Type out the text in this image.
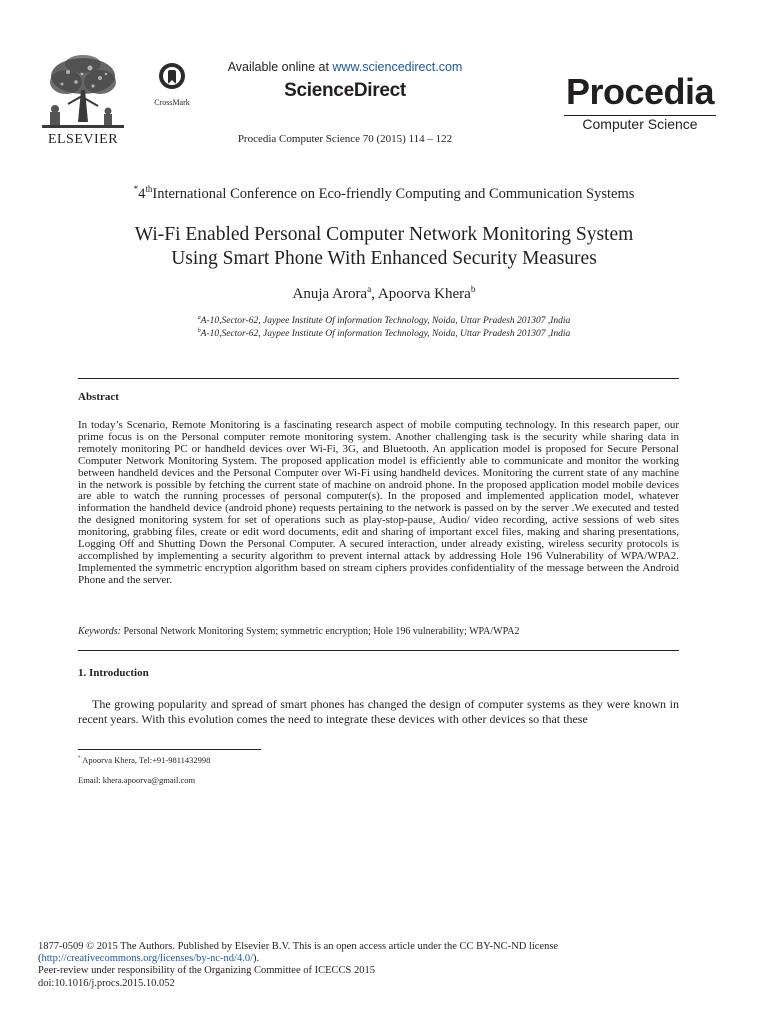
ELSEVIER
CrossMark
Available online at www.sciencedirect.com
ScienceDirect
Procedia Computer Science 70 (2015) 114 – 122
Procedia
Computer Science
*4thInternational Conference on Eco-friendly Computing and Communication Systems
Wi-Fi Enabled Personal Computer Network Monitoring System
Using Smart Phone With Enhanced Security Measures
Anuja Arora$^a$, Apoorva Khera$^b$
$^a$A-10,Sector-62, Jaypee Institute Of information Technology, Noida, Uttar Pradesh 201307 ,India
$^b$A-10,Sector-62, Jaypee Institute Of information Technology, Noida, Uttar Pradesh 201307 ,India
Abstract

In today’s Scenario, Remote Monitoring is a fascinating research aspect of mobile computing technology. In this research paper, our prime focus is on the Personal computer remote monitoring system. Another challenging task is the security while sharing data in remotely monitoring PC or handheld devices over Wi-Fi, 3G, and Bluetooth. An application model is proposed for Secure Personal Computer Network Monitoring System. The proposed application model is efficiently able to communicate and monitor the working between handheld devices and the Personal Computer over Wi-Fi using handheld devices. Monitoring the current state of any machine in the network is possible by fetching the current state of machine on android phone. In the proposed application model mobile devices are able to watch the running processes of personal computer(s). In the proposed and implemented application model, whatever information the handheld device (android phone) requests pertaining to the network is passed on by the server .We executed and tested the designed monitoring system for set of operations such as play-stop-pause, Audio/ video recording, active sessions of web sites monitoring, grabbing files, create or edit word documents, edit and sharing of important excel files, making and sharing presentations, Logging Off and Shutting Down the Personal Computer. A secured interaction, under already existing, wireless security protocols is accomplished by implementing a security algorithm to prevent internal attack by addressing Hole 196 Vulnerability of WPA/WPA2. Implemented the symmetric encryption algorithm based on stream ciphers provides confidentiality of the message between the Android Phone and the server.

Keywords: Personal Network Monitoring System; symmetric encryption; Hole 196 vulnerability; WPA/WPA2
1. Introduction

The growing popularity and spread of smart phones has changed the design of computer systems as they were known in recent years. With this evolution comes the need to integrate these devices with other devices so that these

* Apoorva Khera, Tel:+91-9811432998
Email: khera.apoorva@gmail.com
1877-0509 © 2015 The Authors. Published by Elsevier B.V. This is an open access article under the CC BY-NC-ND license
(http://creativecommons.org/licenses/by-nc-nd/4.0/).
Peer-review under responsibility of the Organizing Committee of ICECCS 2015
doi:10.1016/j.procs.2015.10.052
